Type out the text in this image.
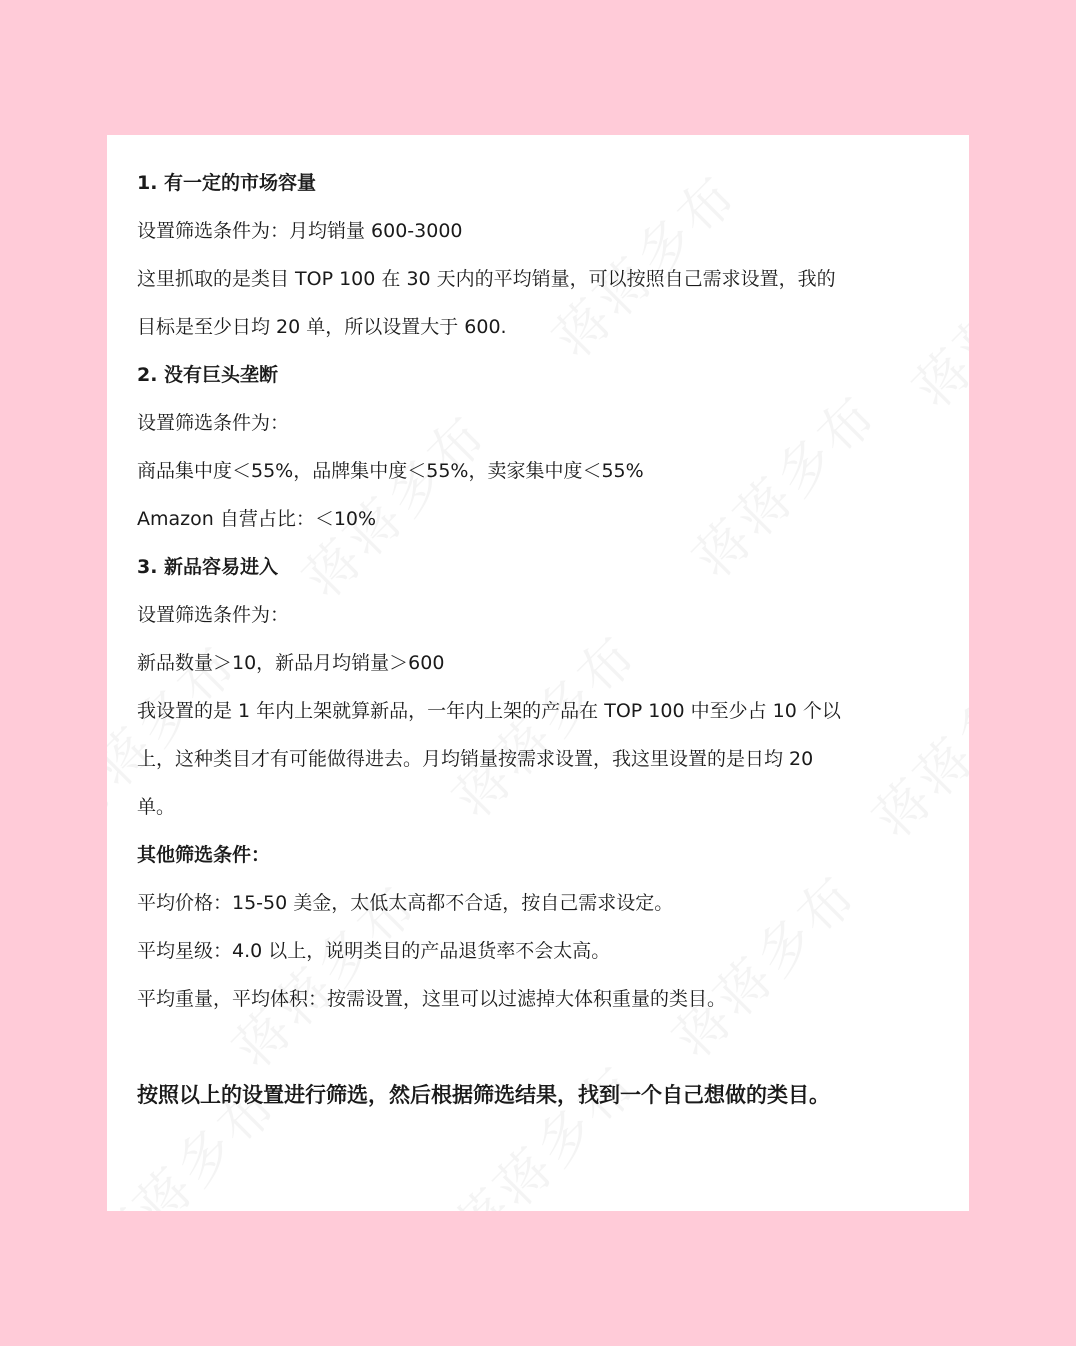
1. 有一定的市场容量
设置筛选条件为：月均销量 600-3000
这里抓取的是类目 TOP 100 在 30 天内的平均销量，可以按照自己需求设置，我的
目标是至少日均 20 单，所以设置大于 600.
2. 没有巨头垄断
设置筛选条件为：
商品集中度＜55%，品牌集中度＜55%，卖家集中度＜55%
Amazon 自营占比：＜10%
3. 新品容易进入
设置筛选条件为：
新品数量＞10，新品月均销量＞600
我设置的是 1 年内上架就算新品，一年内上架的产品在 TOP 100 中至少占 10 个以
上，这种类目才有可能做得进去。月均销量按需求设置，我这里设置的是日均 20
单。
其他筛选条件：
平均价格：15-50 美金，太低太高都不合适，按自己需求设定。
平均星级：4.0 以上，说明类目的产品退货率不会太高。
平均重量，平均体积：按需设置，这里可以过滤掉大体积重量的类目。
按照以上的设置进行筛选，然后根据筛选结果，找到一个自己想做的类目。
